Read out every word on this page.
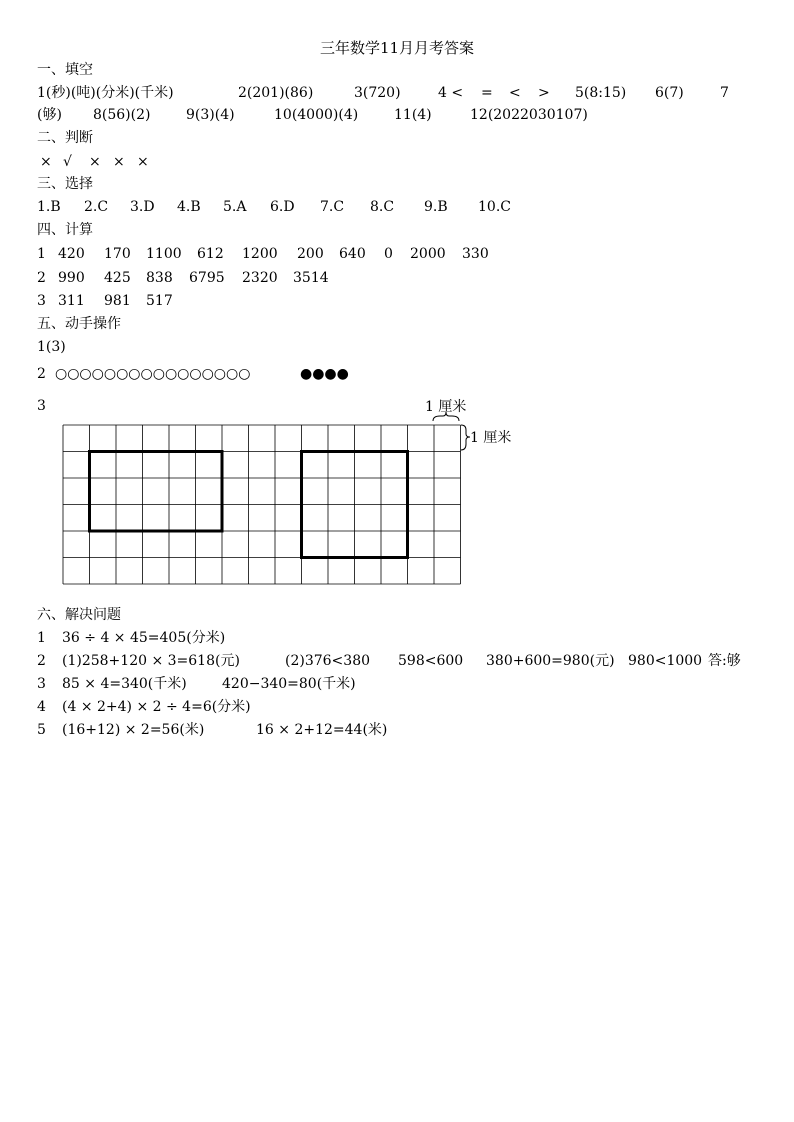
三年数学11月月考答案
一、填空
1(秒)(吨)(分米)(千米)	2(201)(86)	3(720)	4 < = < > 5(8:15) 6(7)	7
(够) 8(56)(2)	9(3)(4)	10(4000)(4)	11(4)	12(2022030107)
二、判断
× √ × × ×
三、选择
1.B 2.C 3.D 4.B 5.A 6.D 7.C 8.C 9.B 10.C
四、计算
1 420 170 1100 612 1200 200 640 0 2000 330
2 990 425 838 6795 2320 3514
3 311 981 517
五、动手操作
1(3)
2 ○○○○○○○○○○○○○○○○	●●●●
3	1 厘米
1 厘米
六、解决问题
1 36 ÷ 4 × 45=405(分米)
2 (1)258+120 × 3=618(元)	(2)376<380 598<600 380+600=980(元) 980<1000 答:够
3 85 × 4=340(千米)	420−340=80(千米)
4 (4 × 2+4) × 2 ÷ 4=6(分米)
5 (16+12) × 2=56(米)	16 × 2+12=44(米)
